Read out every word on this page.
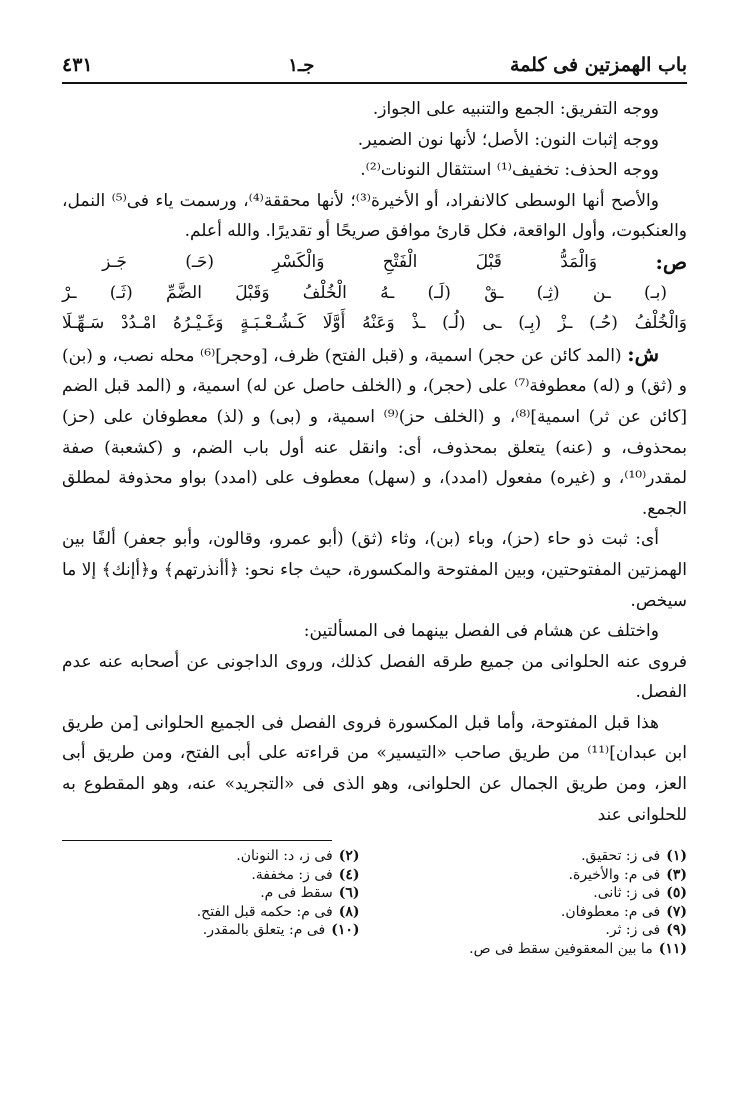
باب الهمزتين فى كلمة
جـ١
٤٣١

ووجه التفريق: الجمع والتنبيه على الجواز.

ووجه إثبات النون: الأصل؛ لأنها نون الضمير.

ووجه الحذف: تخفيف⁽¹⁾ استثقال النونات⁽²⁾.

والأصح أنها الوسطى كالانفراد، أو الأخيرة⁽³⁾؛ لأنها محققة⁽⁴⁾، ورسمت ياء فى⁽⁵⁾ النمل، والعنكبوت، وأول الواقعة، فكل قارئ موافق صريحًا أو تقديرًا. والله أعلم.

ص:
وَالْمَدُّ
قَبْلَ
الْفَتْحِ
وَالْكَسْرِ
(حَـ)
جَـز
(بـ)
ـن
(ثِـ)
ـقْ
(لَـ)
ـهُ
الْخُلْفُ
وَقَبْلَ
الضَّمِّ
(ثَـ)
ـرْ
وَالْخُلْفُ
(حُـ)
ـزْ
(بِـ)
ـى
(لُـ)
ـذْ
وَعَنْهُ
أَوَّلَا
كَـشُـعْـبَـةٍ
وَغَـيْـرُهُ
امْـدُدْ
سَـهِّـلَا

ش: (المد كائن عن حجر) اسمية، و (قبل الفتح) ظرف، [وحجر]⁽⁶⁾ محله نصب، و (بن) و (ثق) و (له) معطوفة⁽⁷⁾ على (حجر)، و (الخلف حاصل عن له) اسمية، و (المد قبل الضم [كائن عن ثر) اسمية]⁽⁸⁾، و (الخلف حز)⁽⁹⁾ اسمية، و (بى) و (لذ) معطوفان على (حز) بمحذوف، و (عنه) يتعلق بمحذوف، أى: وانقل عنه أول باب الضم، و (كشعبة) صفة لمقدر⁽¹⁰⁾، و (غيره) مفعول (امدد)، و (سهل) معطوف على (امدد) بواو محذوفة لمطلق الجمع.

أى: ثبت ذو حاء (حز)، وباء (بن)، وثاء (ثق) (أبو عمرو، وقالون، وأبو جعفر) ألفًا بين الهمزتين المفتوحتين، وبين المفتوحة والمكسورة، حيث جاء نحو: ﴿أأنذرتهم﴾ و﴿أإنك﴾ إلا ما سيخص.

واختلف عن هشام فى الفصل بينهما فى المسألتين:

فروى عنه الحلوانى من جميع طرقه الفصل كذلك، وروى الداجونى عن أصحابه عنه عدم الفصل.

هذا قبل المفتوحة، وأما قبل المكسورة فروى الفصل فى الجميع الحلوانى [من طريق ابن عبدان]⁽¹¹⁾ من طريق صاحب «التيسير» من قراءته على أبى الفتح، ومن طريق أبى العز، ومن طريق الجمال عن الحلوانى، وهو الذى فى «التجريد» عنه، وهو المقطوع به للحلوانى عند

(١)فى ز: تحقيق.
(٢)فى ز، د: النونان.
(٣)فى م: والأخيرة.
(٤)فى ز: مخففة.
(٥)فى ز: ثانى.
(٦)سقط فى م.
(٧)فى م: معطوفان.
(٨)فى م: حكمه قبل الفتح.
(٩)فى ز: ثر.
(١٠)فى م: يتعلق بالمقدر.
(١١)ما بين المعقوفين سقط فى ص.
